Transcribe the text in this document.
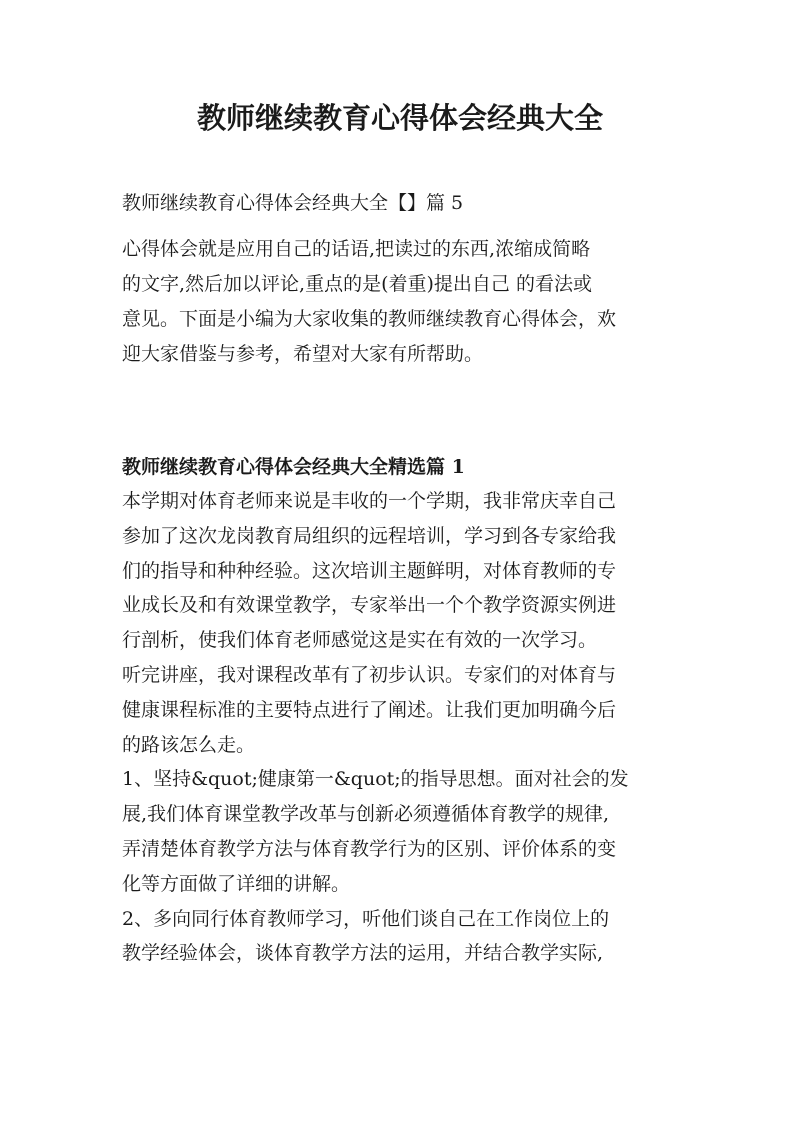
教师继续教育心得体会经典大全

教师继续教育心得体会经典大全【】篇 5

心得体会就是应用自己的话语,把读过的东西,浓缩成简略
的文字,然后加以评论,重点的是(着重)提出自己 的看法或
意见。下面是小编为大家收集的教师继续教育心得体会，欢
迎大家借鉴与参考，希望对大家有所帮助。
教师继续教育心得体会经典大全精选篇 1
本学期对体育老师来说是丰收的一个学期，我非常庆幸自己
参加了这次龙岗教育局组织的远程培训，学习到各专家给我
们的指导和种种经验。这次培训主题鲜明，对体育教师的专
业成长及和有效课堂教学，专家举出一个个教学资源实例进
行剖析，使我们体育老师感觉这是实在有效的一次学习。
听完讲座，我对课程改革有了初步认识。专家们的对体育与
健康课程标准的主要特点进行了阐述。让我们更加明确今后
的路该怎么走。
1、坚持&quot;健康第一&quot;的指导思想。面对社会的发
展,我们体育课堂教学改革与创新必须遵循体育教学的规律,
弄清楚体育教学方法与体育教学行为的区别、评价体系的变
化等方面做了详细的讲解。
2、多向同行体育教师学习，听他们谈自己在工作岗位上的
教学经验体会，谈体育教学方法的运用，并结合教学实际,
